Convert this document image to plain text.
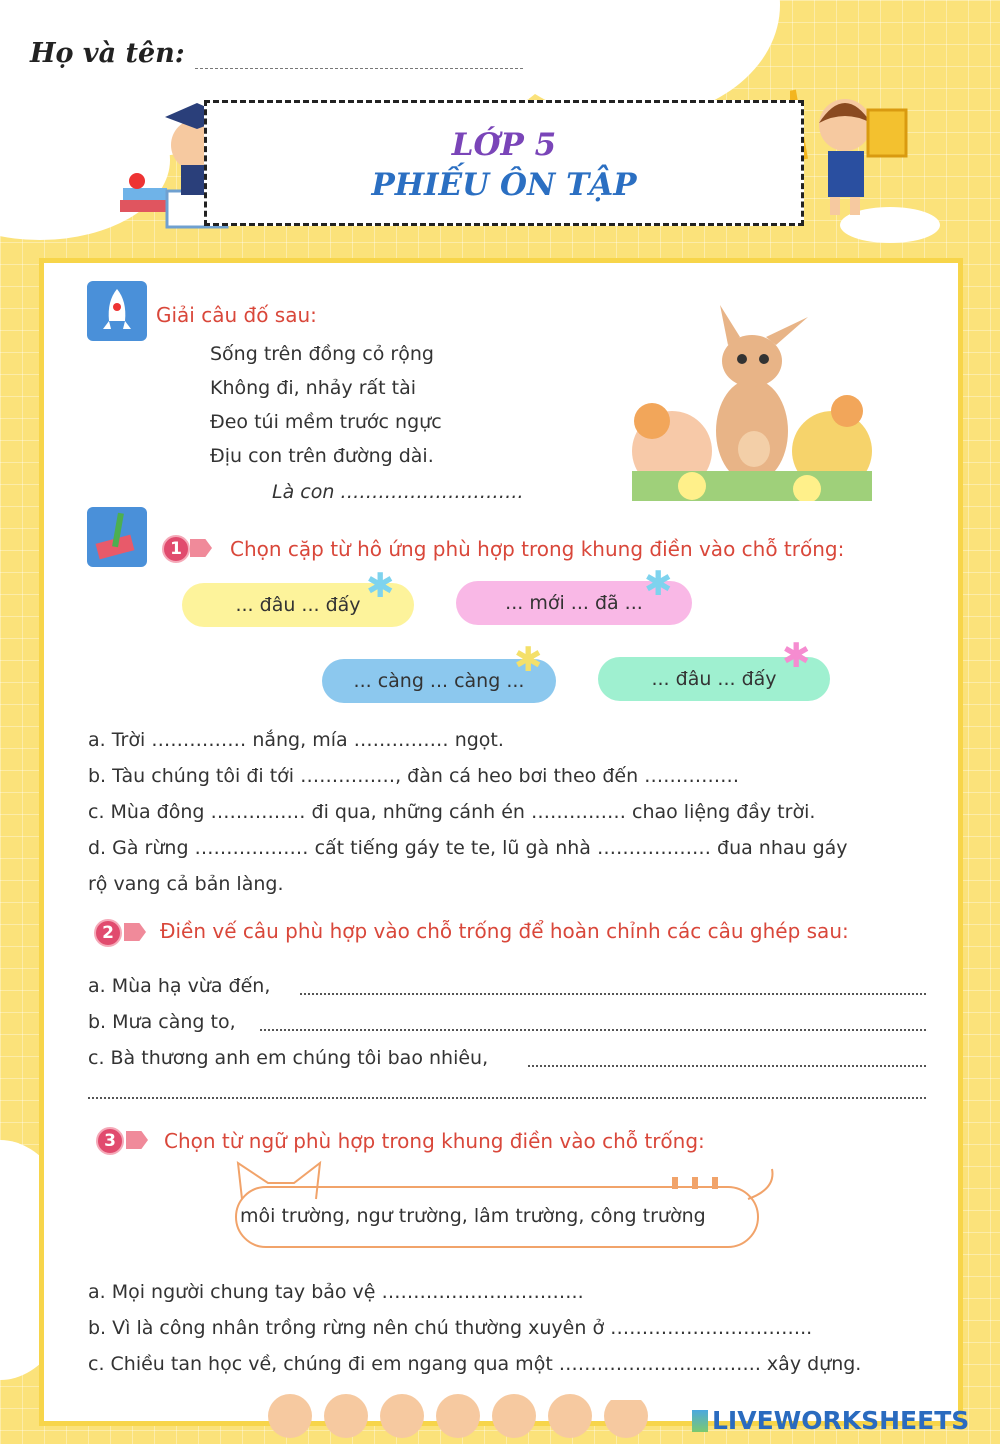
Họ và tên:
LỚP 5
PHIẾU ÔN TẬP
Giải câu đố sau:
Sống trên đồng cỏ rộng
Không đi, nhảy rất tài
Đeo túi mềm trước ngực
Địu con trên đường dài.
Là con ………………………..
1	Chọn cặp từ hô ứng phù hợp trong khung điền vào chỗ trống:
... đâu ... đấy ✱	... mới ... đã ... ✱
... càng ... càng ...
✱	... đâu ... đấy
✱
a. Trời …………… nắng, mía …………… ngọt.
b. Tàu chúng tôi đi tới ……………, đàn cá heo bơi theo đến ……………
c. Mùa đông …………… đi qua, những cánh én …………… chao liệng đầy trời.
d. Gà rừng ……………… cất tiếng gáy te te, lũ gà nhà ……………… đua nhau gáy
rộ vang cả bản làng.
2	Điền vế câu phù hợp vào chỗ trống để hoàn chỉnh các câu ghép sau:
a. Mùa hạ vừa đến,
b. Mưa càng to,
c. Bà thương anh em chúng tôi bao nhiêu,
3	Chọn từ ngữ phù hợp trong khung điền vào chỗ trống:
môi trường, ngư trường, lâm trường, công trường
a. Mọi người chung tay bảo vệ …………………………..
b. Vì là công nhân trồng rừng nên chú thường xuyên ở …………………………..
c. Chiều tan học về, chúng đi em ngang qua một ………………………….. xây dựng.
LIVEWORKSHEETS
